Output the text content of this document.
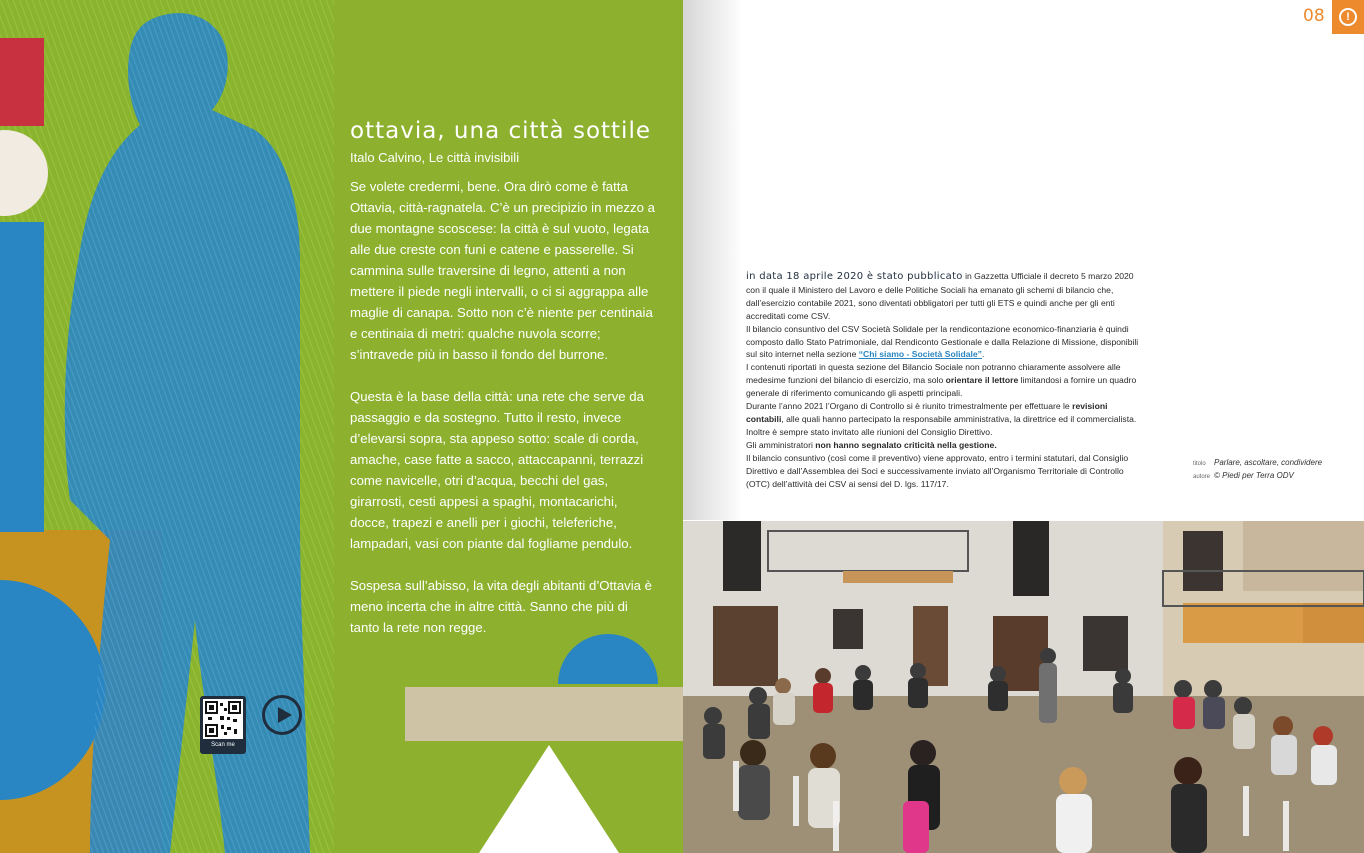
ottavia, una città sottile
Italo Calvino, Le città invisibili

Se volete credermi, bene. Ora dirò come è fatta Ottavia, città-ragnatela. C’è un precipizio in mezzo a due montagne scoscese: la città è sul vuoto, legata alle due creste con funi e catene e passerelle. Si cammina sulle traversine di legno, attenti a non mettere il piede negli intervalli, o ci si aggrappa alle maglie di canapa. Sotto non c’è niente per centinaia e centinaia di metri: qualche nuvola scorre; s’intravede più in basso il fondo del burrone.

Questa è la base della città: una rete che serve da passaggio e da sostegno. Tutto il resto, invece d’elevarsi sopra, sta appeso sotto: scale di corda, amache, case fatte a sacco, attaccapanni, terrazzi come navicelle, otri d’acqua, becchi del gas, girarrosti, cesti appesi a spaghi, montacarichi, docce, trapezi e anelli per i giochi, teleferiche, lampadari, vasi con piante dal fogliame pendulo.

Sospesa sull’abisso, la vita degli abitanti d’Ottavia è meno incerta che in altre città. Sanno che più di tanto la rete non regge.

Scan me
08	!
in data 18 aprile 2020 è stato pubblicato in Gazzetta Ufficiale il decreto 5 marzo 2020 con il quale il Ministero del Lavoro e delle Politiche Sociali ha emanato gli schemi di bilancio che, dall’esercizio contabile 2021, sono diventati obbligatori per tutti gli ETS e quindi anche per gli enti accreditati come CSV.
Il bilancio consuntivo del CSV Società Solidale per la rendicontazione economico-finanziaria è quindi composto dallo Stato Patrimoniale, dal Rendiconto Gestionale e dalla Relazione di Missione, disponibili sul sito internet nella sezione “Chi siamo - Società Solidale”.
I contenuti riportati in questa sezione del Bilancio Sociale non potranno chiaramente assolvere alle medesime funzioni del bilancio di esercizio, ma solo orientare il lettore limitandosi a fornire un quadro generale di riferimento comunicando gli aspetti principali.
Durante l’anno 2021 l’Organo di Controllo si è riunito trimestralmente per effettuare le revisioni contabili, alle quali hanno partecipato la responsabile amministrativa, la direttrice ed il commercialista. Inoltre è sempre stato invitato alle riunioni del Consiglio Direttivo.
Gli amministratori non hanno segnalato criticità nella gestione.
Il bilancio consuntivo (così come il preventivo) viene approvato, entro i termini statutari, dal Consiglio Direttivo e dall’Assemblea dei Soci e successivamente inviato all’Organismo Territoriale di Controllo (OTC) dell’attività dei CSV ai sensi del D. lgs. 117/17.
titolo Parlare, ascoltare, condividere
autore © Piedi per Terra ODV
